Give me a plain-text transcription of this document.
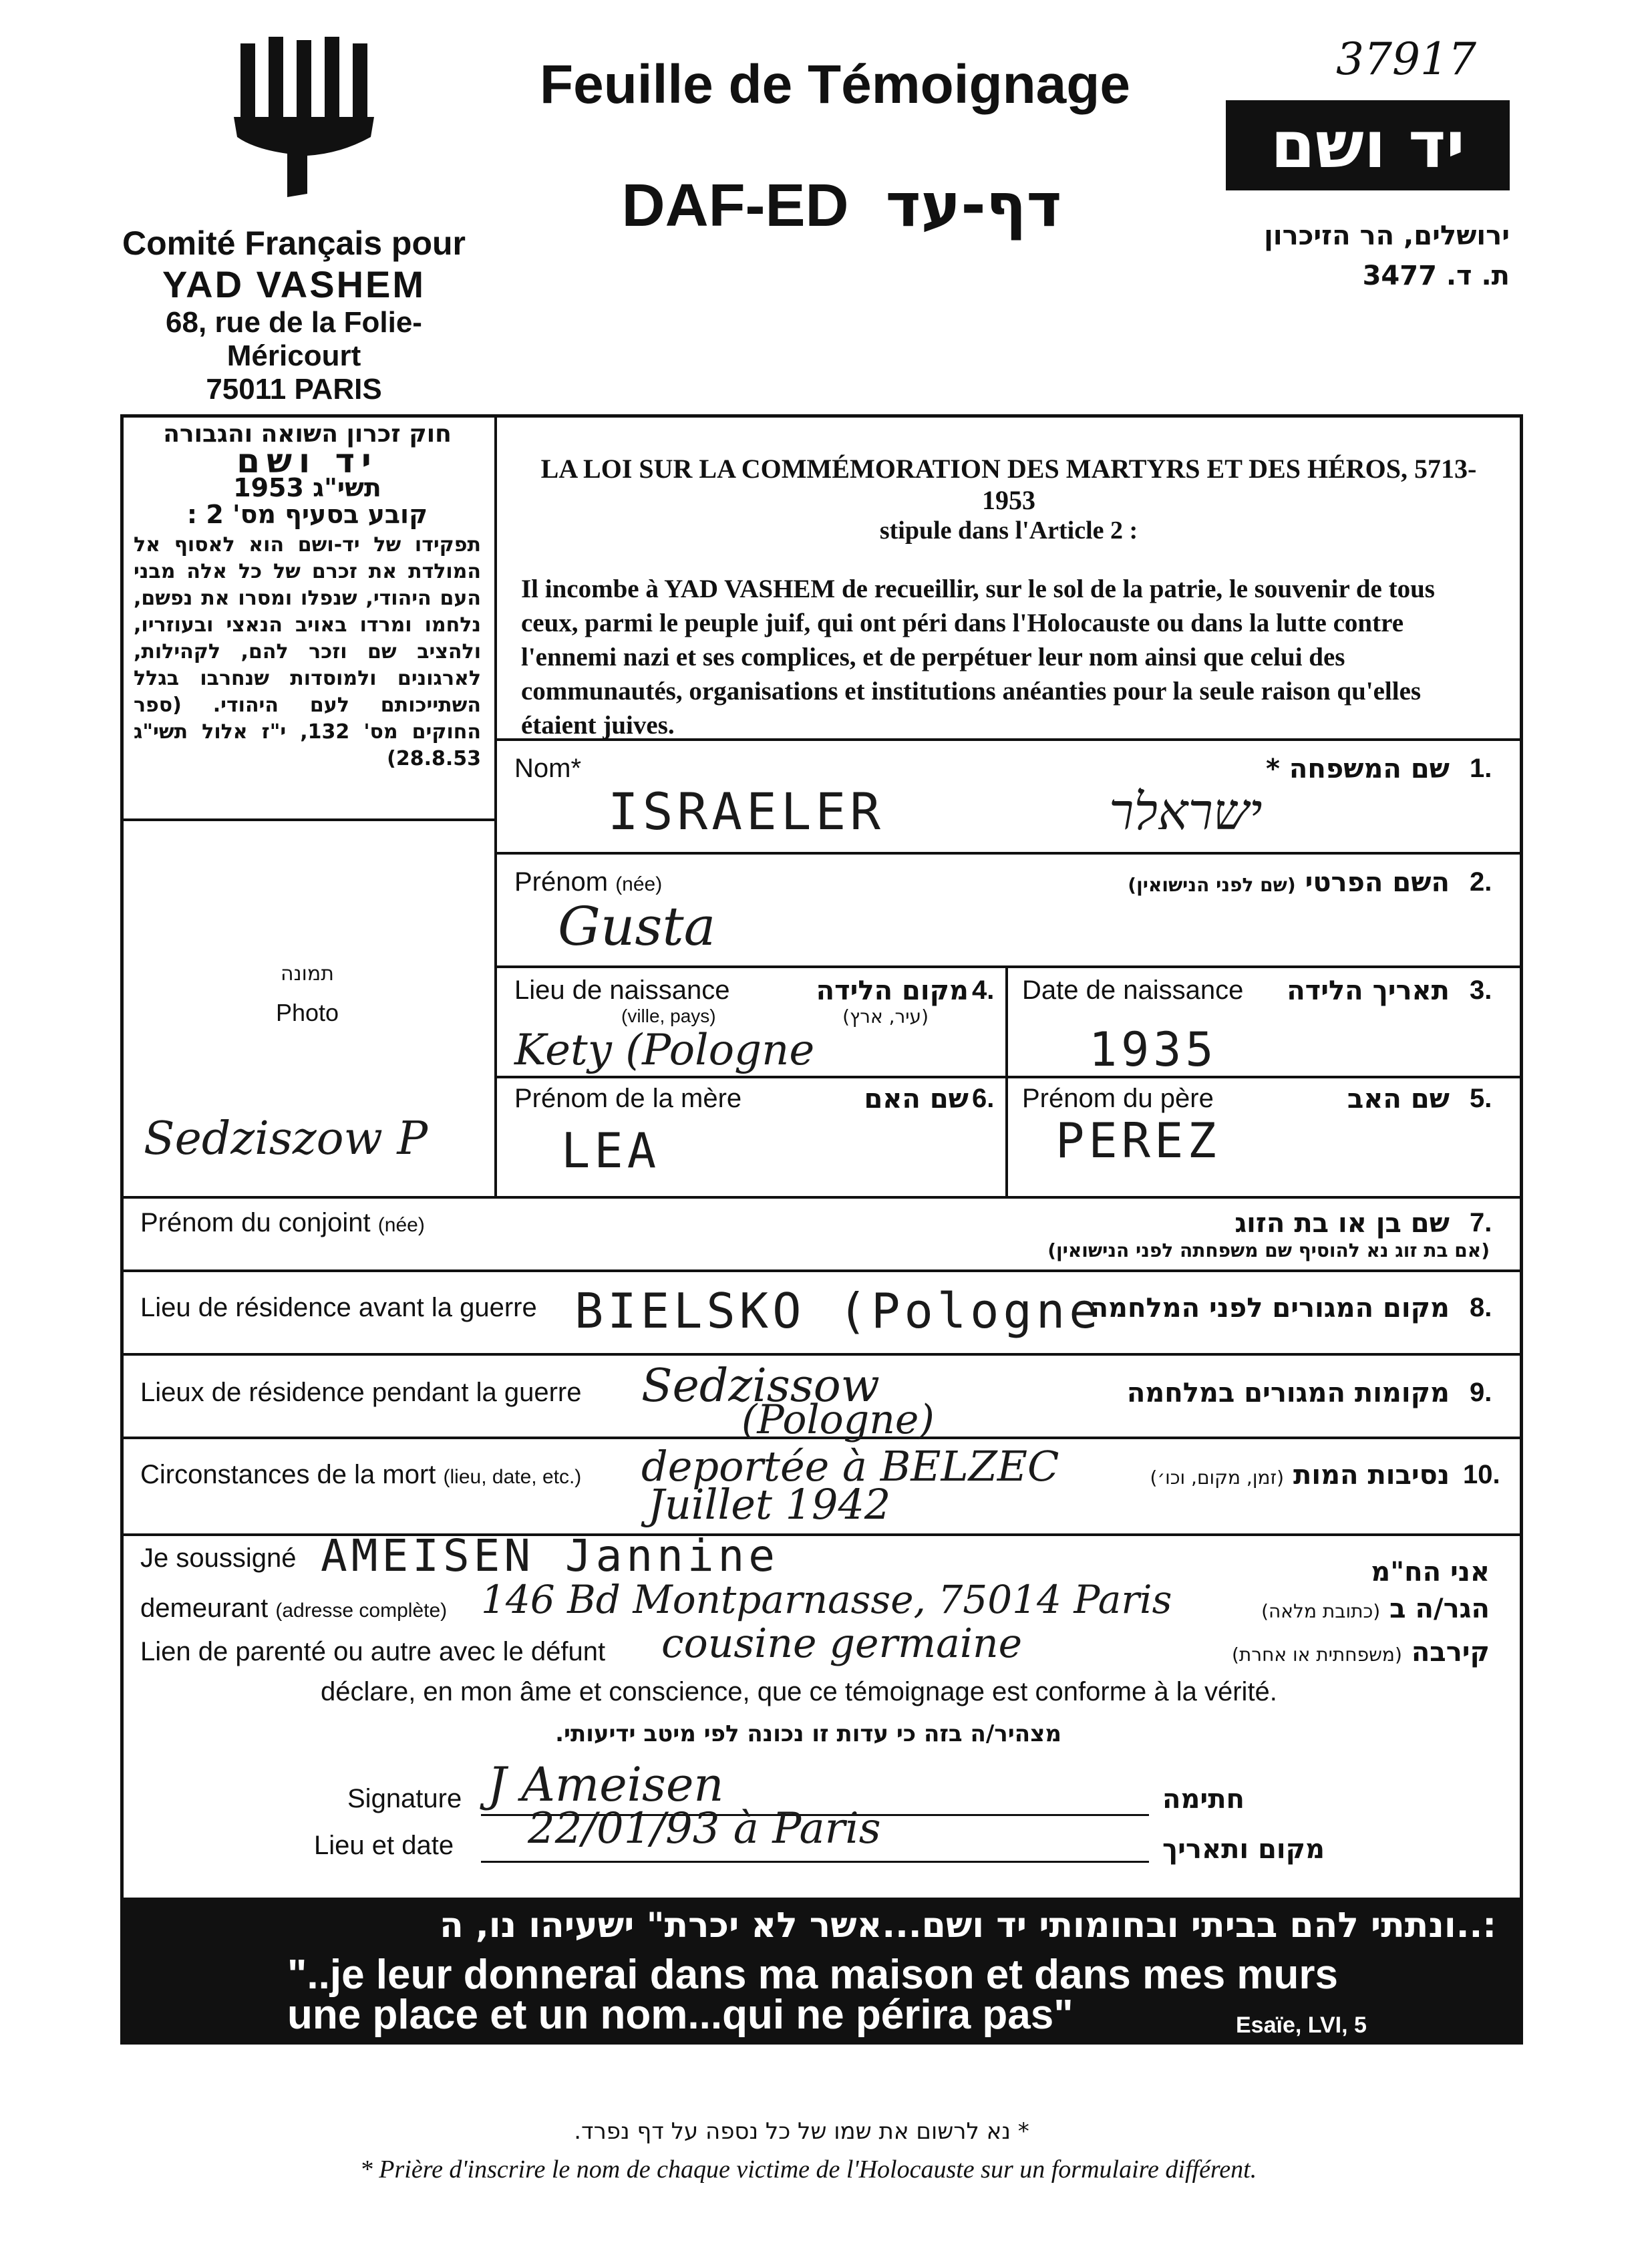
Comité Français pour
YAD VASHEM
68, rue de la Folie-Méricourt
75011 PARIS
Feuille de Témoignage
DAF-ED דף-עד
37917
יד ושם
ירושלים, הר הזיכרון
ת. ד. 3477
חוק זכרון השואה והגבורה
יד ושם
תשי"ג 1953
קובע בסעיף מס' 2 :
תפקידו של יד-ושם הוא לאסוף אל המולדת את זכרם של כל אלה מבני העם היהודי, שנפלו ומסרו את נפשם, נלחמו ומרדו באויב הנאצי ובעוזריו, ולהציב שם וזכר להם, לקהילות, לארגונים ולמוסדות שנחרבו בגלל השתייכותם לעם היהודי. (ספר החוקים מס' 132, י"ז אלול תשי"ג 28.8.53)
LA LOI SUR LA COMMÉMORATION DES MARTYRS ET DES HÉROS, 5713-1953
stipule dans l'Article 2 :
Il incombe à YAD VASHEM de recueillir, sur le sol de la patrie, le souvenir de tous ceux, parmi le peuple juif, qui ont péri dans l'Holocauste ou dans la lutte contre l'ennemi nazi et ses complices, et de perpétuer leur nom ainsi que celui des communautés, organisations et institutions anéanties pour la seule raison qu'elles étaient juives.
תמונה
Photo
Sedziszow P
Nom*	שם המשפחה * 1.
ISRAELER	ישראלר
Prénom (née)	השם הפרטי (שם לפני הנישואין)	2.
Gusta
Date de naissance	תאריך הלידה 3.
1935
Lieu de naissance
(ville, pays)
מקום הלידה
(עיר, ארץ)
4.
Kety (Pologne
Prénom du père	שם האב 5.
PEREZ
Prénom de la mère	שם האם 6.
LEA
Prénom du conjoint (née)	שם בן או בת הזוג
(אם בת זוג נא להוסיף שם משפחתה לפני הנישואין)
7.
Lieu de résidence avant la guerre	מקום המגורים לפני המלחמה 8.
BIELSKO (Pologne
Lieux de résidence pendant la guerre	מקומות המגורים במלחמה 9.
Sedzissow
(Pologne)
Circonstances de la mort (lieu, date, etc.)	נסיבות המות (זמן, מקום, וכו׳)	10.
deportée à BELZEC
Juillet 1942
Je soussigné	אני הח"מ
AMEISEN Jannine
demeurant (adresse complète)	הגר/ה ב (כתובת מלאה)
146 Bd Montparnasse, 75014 Paris
Lien de parenté ou autre avec le défunt	קירבה (משפחתית או אחרת)
cousine germaine
déclare, en mon âme et conscience, que ce témoignage est conforme à la vérité.
מצהיר/ה בזה כי עדות זו נכונה לפי מיטב ידיעותי.
Signature	חתימה
J Ameisen
Lieu et date	מקום ותאריך
22/01/93 à Paris
:..ונתתי להם בביתי ובחומותי יד ושם...אשר לא יכרת" ישעיהו נו, ה
"..je leur donnerai dans ma maison et dans mes murs
une place et un nom...qui ne périra pas"	Esaïe, LVI, 5
* נא לרשום את שמו של כל נספה על דף נפרד.
* Prière d'inscrire le nom de chaque victime de l'Holocauste sur un formulaire différent.
